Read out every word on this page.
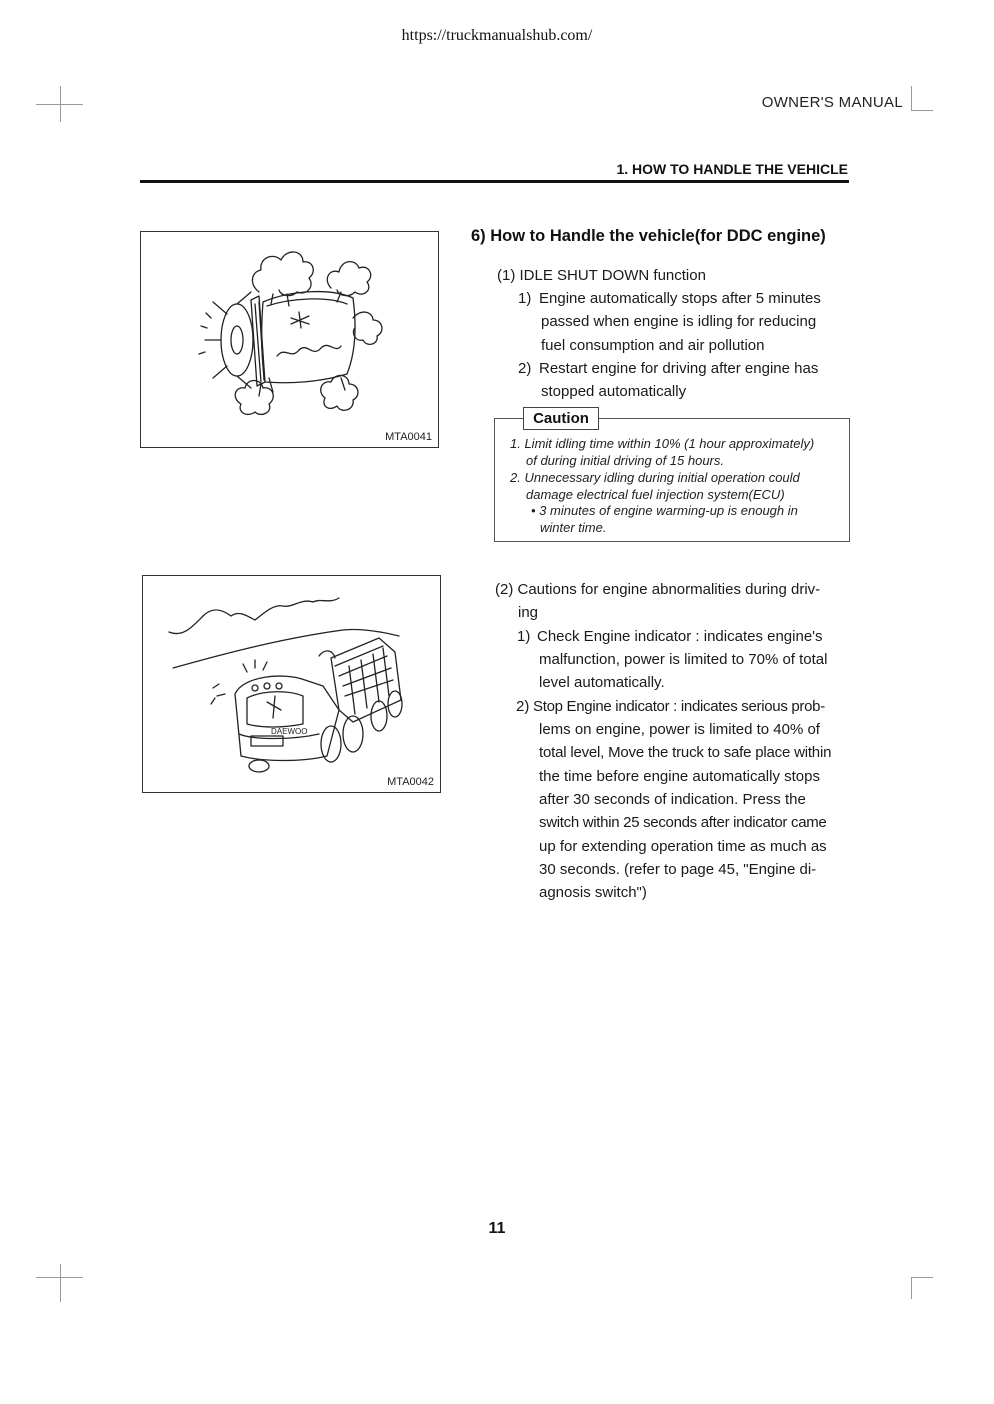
https://truckmanualshub.com/
OWNER'S MANUAL
1. HOW TO HANDLE THE VEHICLE
MTA0041
DAEWOO
MTA0042
6) How to Handle the vehicle(for DDC engine)
(1) IDLE SHUT DOWN function
1) Engine automatically stops after 5 minutes
passed when engine is idling for reducing
fuel consumption and air pollution
2) Restart engine for driving after engine has
stopped automatically
Caution
1. Limit idling time within 10% (1 hour approximately)
of during initial driving of 15 hours.
2. Unnecessary idling during initial operation could
damage electrical fuel injection system(ECU)
• 3 minutes of engine warming-up is enough in
winter time.
(2) Cautions for engine abnormalities during driv-
ing
1) Check Engine indicator : indicates engine's
malfunction, power is limited to 70% of total
level automatically.
2) Stop Engine indicator : indicates serious prob-
lems on engine, power is limited to 40% of
total level, Move the truck to safe place within
the time before engine automatically stops
after 30 seconds of indication. Press the
switch within 25 seconds after indicator came
up for extending operation time as much as
30 seconds. (refer to page 45, "Engine di-
agnosis switch")
11
